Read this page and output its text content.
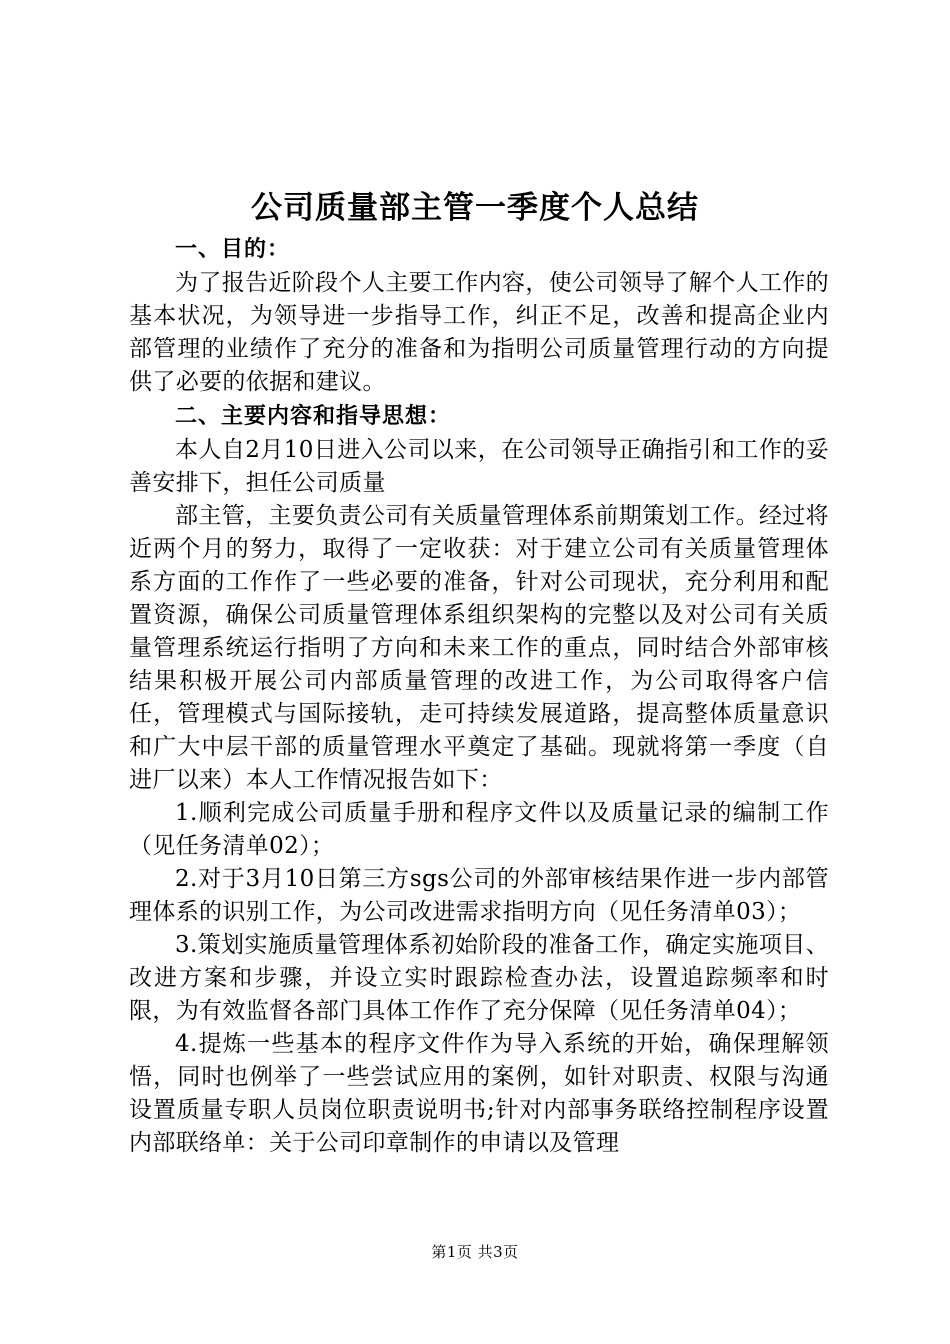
公司质量部主管一季度个人总结
一、目的：

为了报告近阶段个人主要工作内容，使公司领导了解个人工作的基本状况，为领导进一步指导工作，纠正不足，改善和提高企业内部管理的业绩作了充分的准备和为指明公司质量管理行动的方向提供了必要的依据和建议。

二、主要内容和指导思想：

本人自2月10日进入公司以来，在公司领导正确指引和工作的妥善安排下，担任公司质量

部主管，主要负责公司有关质量管理体系前期策划工作。经过将近两个月的努力，取得了一定收获：对于建立公司有关质量管理体系方面的工作作了一些必要的准备，针对公司现状，充分利用和配置资源，确保公司质量管理体系组织架构的完整以及对公司有关质量管理系统运行指明了方向和未来工作的重点，同时结合外部审核结果积极开展公司内部质量管理的改进工作，为公司取得客户信任，管理模式与国际接轨，走可持续发展道路，提高整体质量意识和广大中层干部的质量管理水平奠定了基础。现就将第一季度（自进厂以来）本人工作情况报告如下：

1.顺利完成公司质量手册和程序文件以及质量记录的编制工作（见任务清单02）；

2.对于3月10日第三方sgs公司的外部审核结果作进一步内部管理体系的识别工作，为公司改进需求指明方向（见任务清单03）；

3.策划实施质量管理体系初始阶段的准备工作，确定实施项目、改进方案和步骤，并设立实时跟踪检查办法，设置追踪频率和时限，为有效监督各部门具体工作作了充分保障（见任务清单04）；

4.提炼一些基本的程序文件作为导入系统的开始，确保理解领悟，同时也例举了一些尝试应用的案例，如针对职责、权限与沟通设置质量专职人员岗位职责说明书;针对内部事务联络控制程序设置内部联络单：关于公司印章制作的申请以及管理

第1页 共3页
